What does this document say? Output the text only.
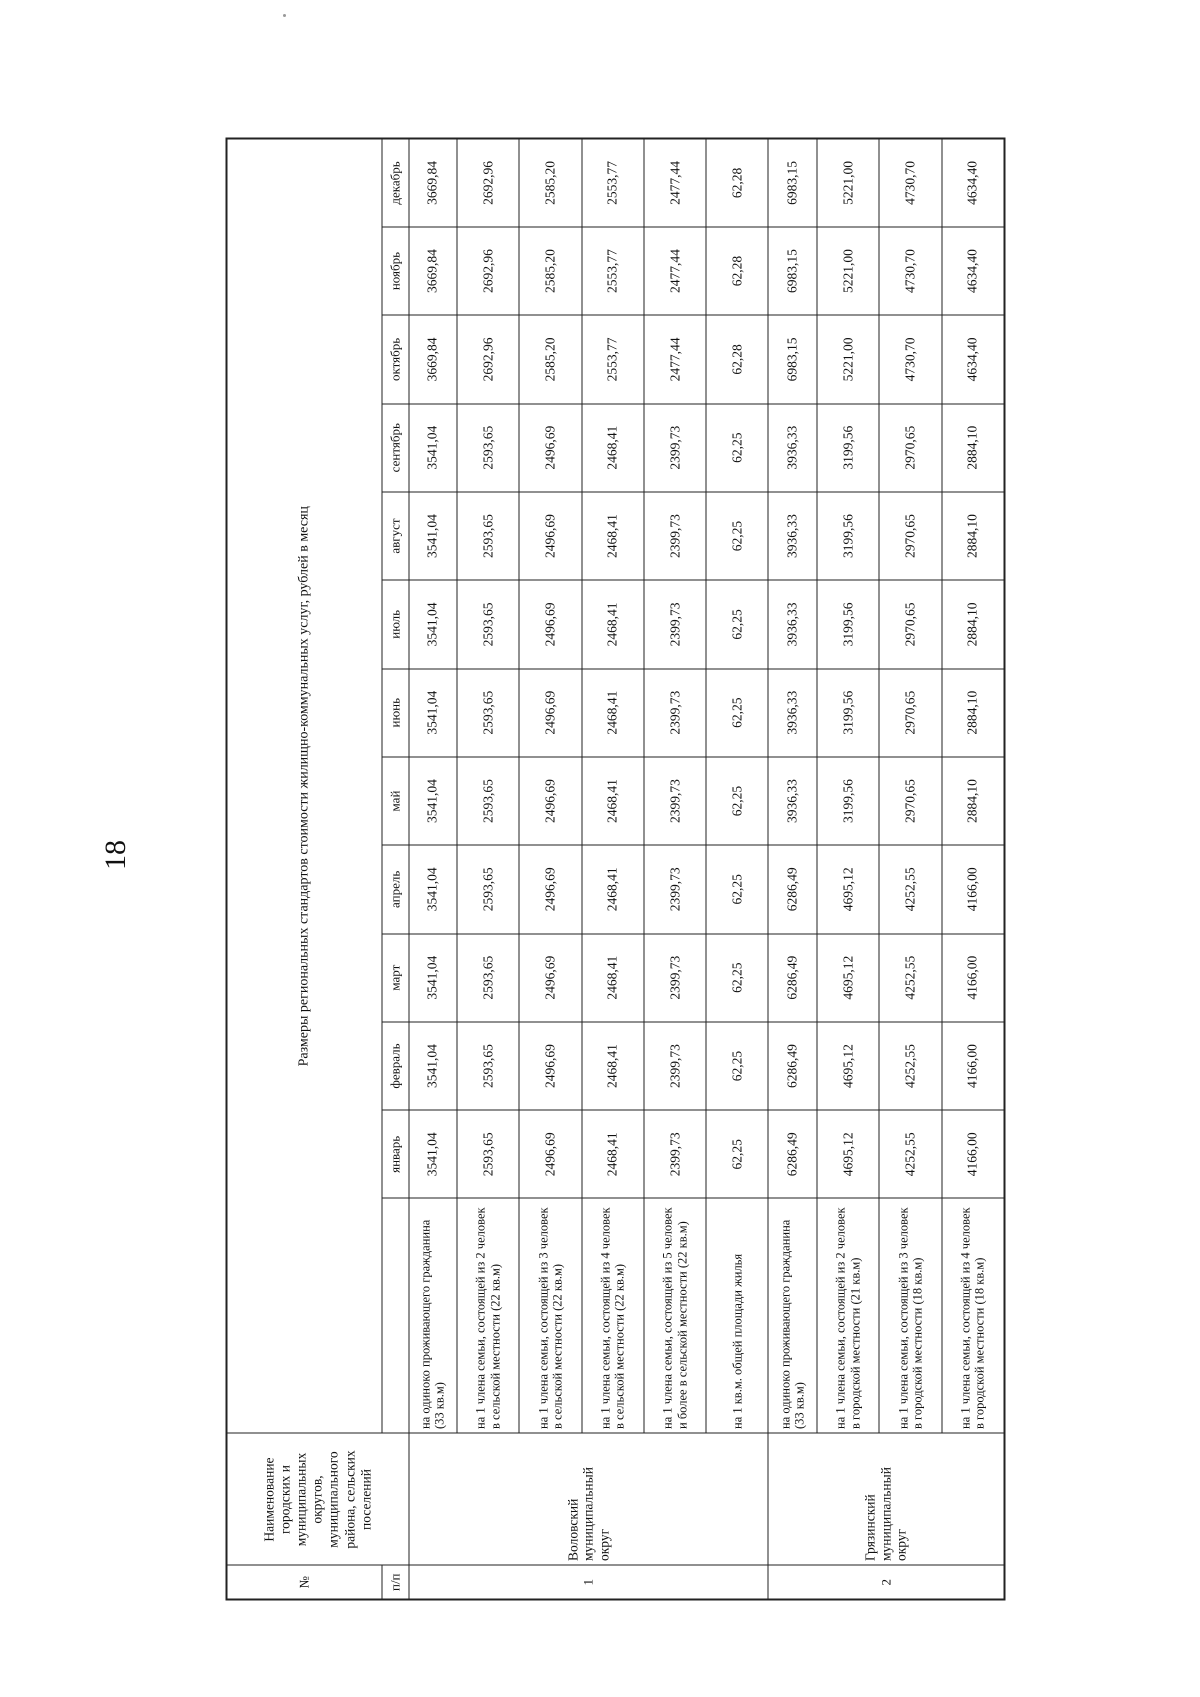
18
№	Наименование городских и муниципальных округов, муниципального района, сельских поселений	Размеры региональных стандартов стоимости жилищно-коммунальных услуг, рублей в месяц												
п/п			январь	февраль	март	апрель	май	июнь	июль	август	сентябрь	октябрь	ноябрь	декабрь
1	Воловский муниципальный округ	на одиноко проживающего гражданина (33 кв.м)	3541,04	3541,04	3541,04	3541,04	3541,04	3541,04	3541,04	3541,04	3541,04	3669,84	3669,84	3669,84
		на 1 члена семьи, состоящей из 2 человек в сельской местности (22 кв.м)	2593,65	2593,65	2593,65	2593,65	2593,65	2593,65	2593,65	2593,65	2593,65	2692,96	2692,96	2692,96
		на 1 члена семьи, состоящей из 3 человек в сельской местности (22 кв.м)	2496,69	2496,69	2496,69	2496,69	2496,69	2496,69	2496,69	2496,69	2496,69	2585,20	2585,20	2585,20
		на 1 члена семьи, состоящей из 4 человек в сельской местности (22 кв.м)	2468,41	2468,41	2468,41	2468,41	2468,41	2468,41	2468,41	2468,41	2468,41	2553,77	2553,77	2553,77
		на 1 члена семьи, состоящей из 5 человек и более в сельской местности (22 кв.м)	2399,73	2399,73	2399,73	2399,73	2399,73	2399,73	2399,73	2399,73	2399,73	2477,44	2477,44	2477,44
		на 1 кв.м. общей площади жилья	62,25	62,25	62,25	62,25	62,25	62,25	62,25	62,25	62,25	62,28	62,28	62,28
2	Грязинский муниципальный округ	на одиноко проживающего гражданина (33 кв.м)	6286,49	6286,49	6286,49	6286,49	3936,33	3936,33	3936,33	3936,33	3936,33	6983,15	6983,15	6983,15
		на 1 члена семьи, состоящей из 2 человек в городской местности (21 кв.м)	4695,12	4695,12	4695,12	4695,12	3199,56	3199,56	3199,56	3199,56	3199,56	5221,00	5221,00	5221,00
		на 1 члена семьи, состоящей из 3 человек в городской местности (18 кв.м)	4252,55	4252,55	4252,55	4252,55	2970,65	2970,65	2970,65	2970,65	2970,65	4730,70	4730,70	4730,70
		на 1 члена семьи, состоящей из 4 человек в городской местности (18 кв.м)	4166,00	4166,00	4166,00	4166,00	2884,10	2884,10	2884,10	2884,10	2884,10	4634,40	4634,40	4634,40
